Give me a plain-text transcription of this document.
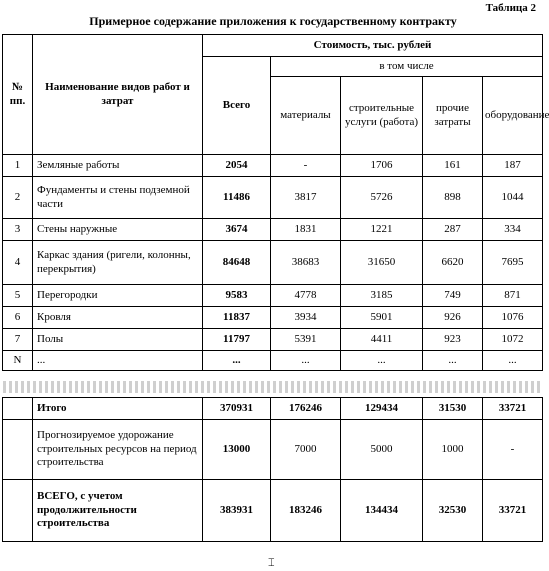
Таблица 2
Примерное содержание приложения к государственному контракту
№ пп.	Наименование видов работ и затрат	Стоимость, тыс. рублей				
		Всего	в том числе			
			материалы	строительные услуги (работа)	прочие затраты	оборудование
1	Земляные работы	2054	-	1706	161	187
2	Фундаменты и стены подземной части	11486	3817	5726	898	1044
3	Стены наружные	3674	1831	1221	287	334
4	Каркас здания (ригели, колонны, перекрытия)	84648	38683	31650	6620	7695
5	Перегородки	9583	4778	3185	749	871
6	Кровля	11837	3934	5901	926	1076
7	Полы	11797	5391	4411	923	1072
N	...	...	...	...	...	...

	Итого	370931	176246	129434	31530	33721
	Прогнозируемое удорожание строительных ресурсов на период строительства	13000	7000	5000	1000	-
	ВСЕГО, с учетом продолжительности строительства	383931	183246	134434	32530	33721
⌶
